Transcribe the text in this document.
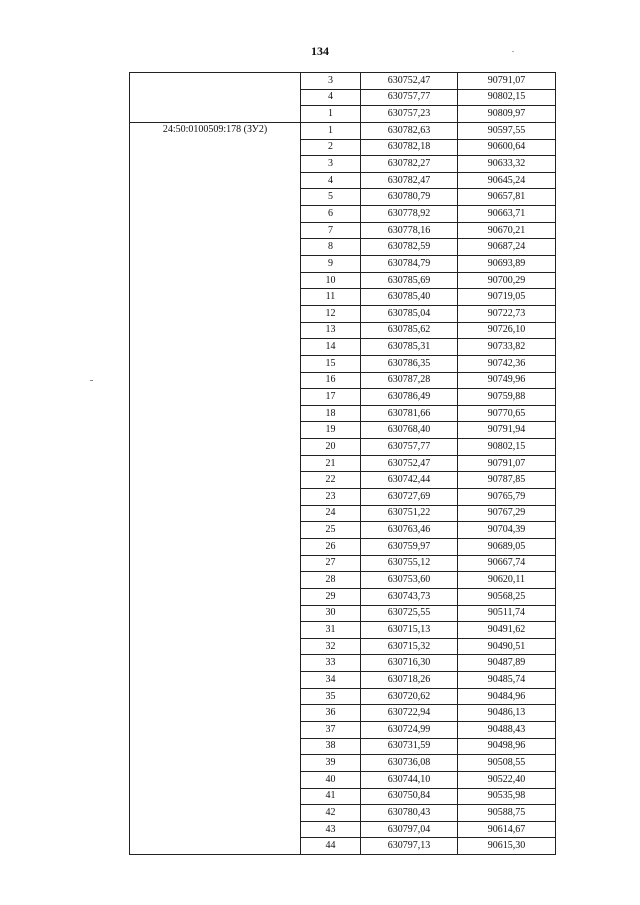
134
	3	630752,47	90791,07
	4	630757,77	90802,15
	1	630757,23	90809,97
24:50:0100509:178 (ЗУ2)	1	630782,63	90597,55
	2	630782,18	90600,64
	3	630782,27	90633,32
	4	630782,47	90645,24
	5	630780,79	90657,81
	6	630778,92	90663,71
	7	630778,16	90670,21
	8	630782,59	90687,24
	9	630784,79	90693,89
	10	630785,69	90700,29
	11	630785,40	90719,05
	12	630785,04	90722,73
	13	630785,62	90726,10
	14	630785,31	90733,82
	15	630786,35	90742,36
	16	630787,28	90749,96
	17	630786,49	90759,88
	18	630781,66	90770,65
	19	630768,40	90791,94
	20	630757,77	90802,15
	21	630752,47	90791,07
	22	630742,44	90787,85
	23	630727,69	90765,79
	24	630751,22	90767,29
	25	630763,46	90704,39
	26	630759,97	90689,05
	27	630755,12	90667,74
	28	630753,60	90620,11
	29	630743,73	90568,25
	30	630725,55	90511,74
	31	630715,13	90491,62
	32	630715,32	90490,51
	33	630716,30	90487,89
	34	630718,26	90485,74
	35	630720,62	90484,96
	36	630722,94	90486,13
	37	630724,99	90488,43
	38	630731,59	90498,96
	39	630736,08	90508,55
	40	630744,10	90522,40
	41	630750,84	90535,98
	42	630780,43	90588,75
	43	630797,04	90614,67
	44	630797,13	90615,30
